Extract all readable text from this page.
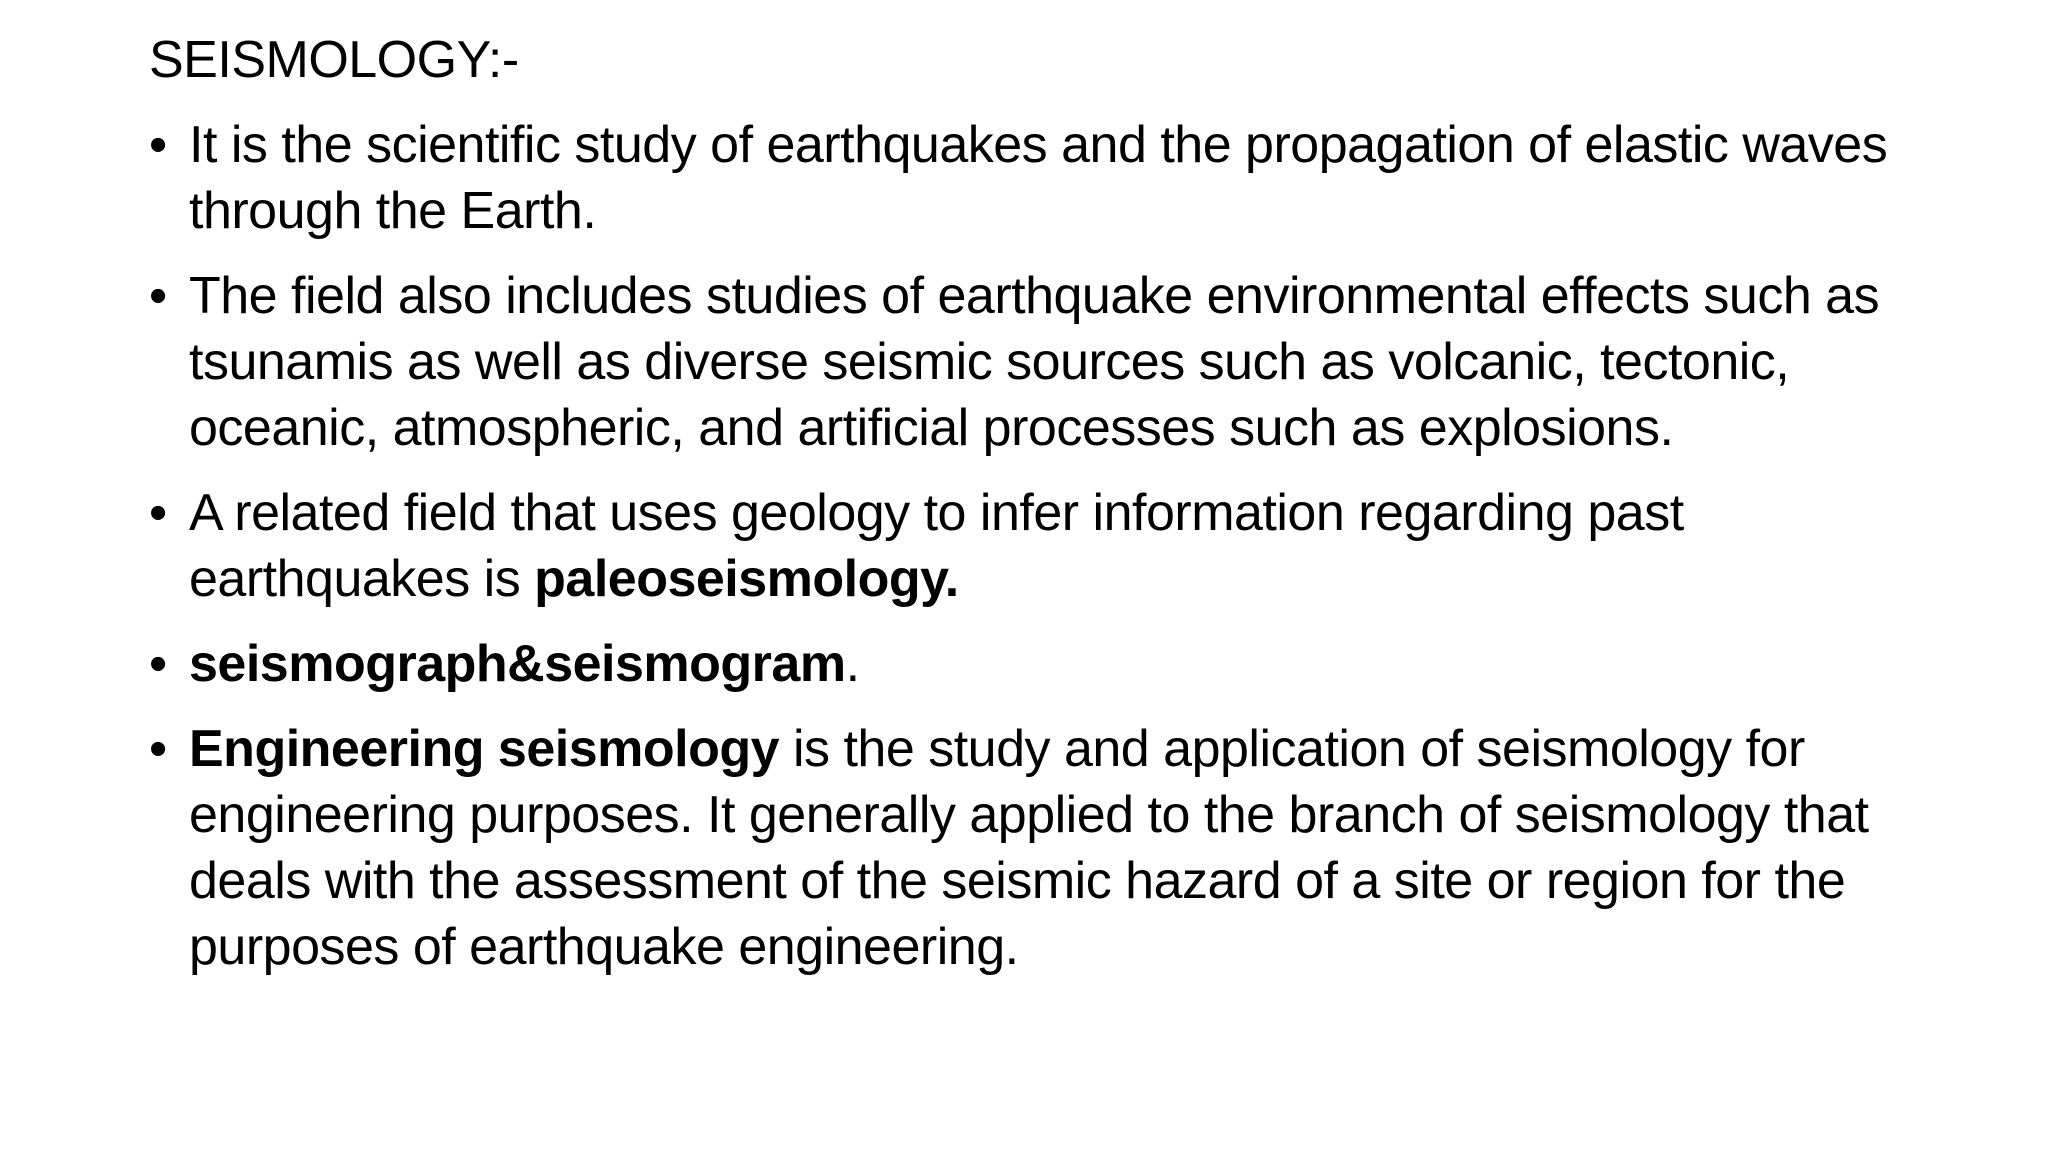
SEISMOLOGY:-
• It is the scientific study of earthquakes and the propagation of elastic waves through the Earth.
• The field also includes studies of earthquake environmental effects such as tsunamis as well as diverse seismic sources such as volcanic, tectonic, oceanic, atmospheric, and artificial processes such as explosions.
• A related field that uses geology to infer information regarding past earthquakes is paleoseismology.
• seismograph&seismogram.
• Engineering seismology is the study and application of seismology for engineering purposes. It generally applied to the branch of seismology that deals with the assessment of the seismic hazard of a site or region for the purposes of earthquake engineering.
